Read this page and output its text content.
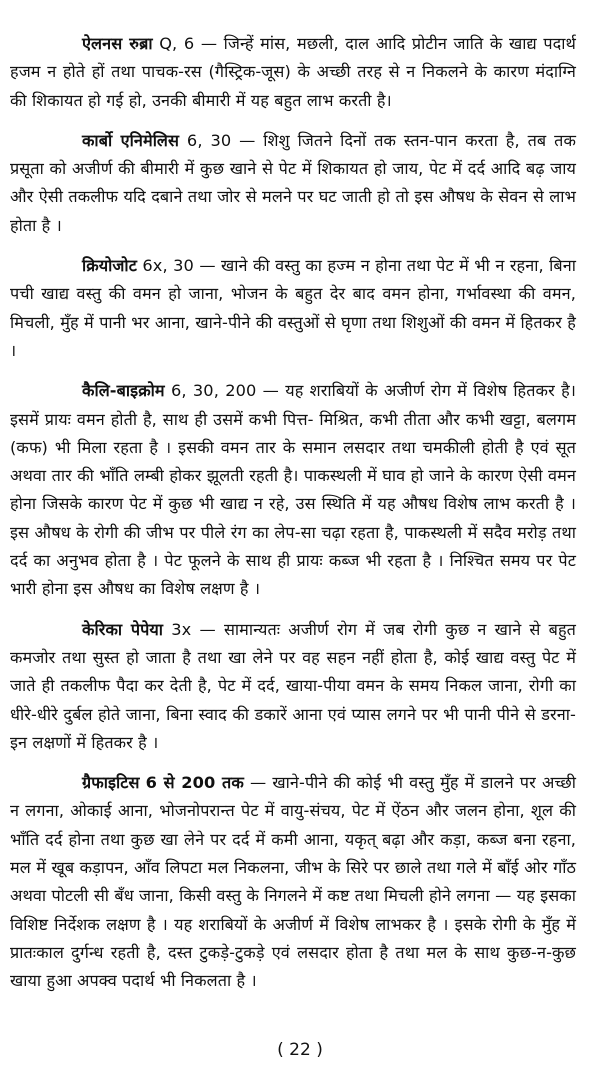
ऐलनस रुब्रा Q, 6 — जिन्हें मांस, मछली, दाल आदि प्रोटीन जाति के खाद्य पदार्थ हजम न होते हों तथा पाचक-रस (गैस्ट्रिक-जूस) के अच्छी तरह से न निकलने के कारण मंदाग्नि की शिकायत हो गई हो, उनकी बीमारी में यह बहुत लाभ करती है।

कार्बो एनिमेलिस 6, 30 — शिशु जितने दिनों तक स्तन-पान करता है, तब तक प्रसूता को अजीर्ण की बीमारी में कुछ खाने से पेट में शिकायत हो जाय, पेट में दर्द आदि बढ़ जाय और ऐसी तकलीफ यदि दबाने तथा जोर से मलने पर घट जाती हो तो इस औषध के सेवन से लाभ होता है ।

क्रियोजोट 6x, 30 — खाने की वस्तु का हज्म न होना तथा पेट में भी न रहना, बिना पची खाद्य वस्तु की वमन हो जाना, भोजन के बहुत देर बाद वमन होना, गर्भावस्था की वमन, मिचली, मुँह में पानी भर आना, खाने-पीने की वस्तुओं से घृणा तथा शिशुओं की वमन में हितकर है ।

कैलि-बाइक्रोम 6, 30, 200 — यह शराबियों के अजीर्ण रोग में विशेष हितकर है। इसमें प्रायः वमन होती है, साथ ही उसमें कभी पित्त- मिश्रित, कभी तीता और कभी खट्टा, बलगम (कफ) भी मिला रहता है । इसकी वमन तार के समान लसदार तथा चमकीली होती है एवं सूत अथवा तार की भाँति लम्बी होकर झूलती रहती है। पाकस्थली में घाव हो जाने के कारण ऐसी वमन होना जिसके कारण पेट में कुछ भी खाद्य न रहे, उस स्थिति में यह औषध विशेष लाभ करती है । इस औषध के रोगी की जीभ पर पीले रंग का लेप-सा चढ़ा रहता है, पाकस्थली में सदैव मरोड़ तथा दर्द का अनुभव होता है । पेट फूलने के साथ ही प्रायः कब्ज भी रहता है । निश्चित समय पर पेट भारी होना इस औषध का विशेष लक्षण है ।

केरिका पेपेया 3x — सामान्यतः अजीर्ण रोग में जब रोगी कुछ न खाने से बहुत कमजोर तथा सुस्त हो जाता है तथा खा लेने पर वह सहन नहीं होता है, कोई खाद्य वस्तु पेट में जाते ही तकलीफ पैदा कर देती है, पेट में दर्द, खाया-पीया वमन के समय निकल जाना, रोगी का धीरे-धीरे दुर्बल होते जाना, बिना स्वाद की डकारें आना एवं प्यास लगने पर भी पानी पीने से डरना- इन लक्षणों में हितकर है ।

ग्रैफाइटिस 6 से 200 तक — खाने-पीने की कोई भी वस्तु मुँह में डालने पर अच्छी न लगना, ओकाई आना, भोजनोपरान्त पेट में वायु-संचय, पेट में ऐंठन और जलन होना, शूल की भाँति दर्द होना तथा कुछ खा लेने पर दर्द में कमी आना, यकृत् बढ़ा और कड़ा, कब्ज बना रहना, मल में खूब कड़ापन, आँव लिपटा मल निकलना, जीभ के सिरे पर छाले तथा गले में बाँई ओर गाँठ अथवा पोटली सी बँध जाना, किसी वस्तु के निगलने में कष्ट तथा मिचली होने लगना — यह इसका विशिष्ट निर्देशक लक्षण है । यह शराबियों के अजीर्ण में विशेष लाभकर है । इसके रोगी के मुँह में प्रातःकाल दुर्गन्ध रहती है, दस्त टुकड़े-टुकड़े एवं लसदार होता है तथा मल के साथ कुछ-न-कुछ खाया हुआ अपक्व पदार्थ भी निकलता है ।

( 22 )
